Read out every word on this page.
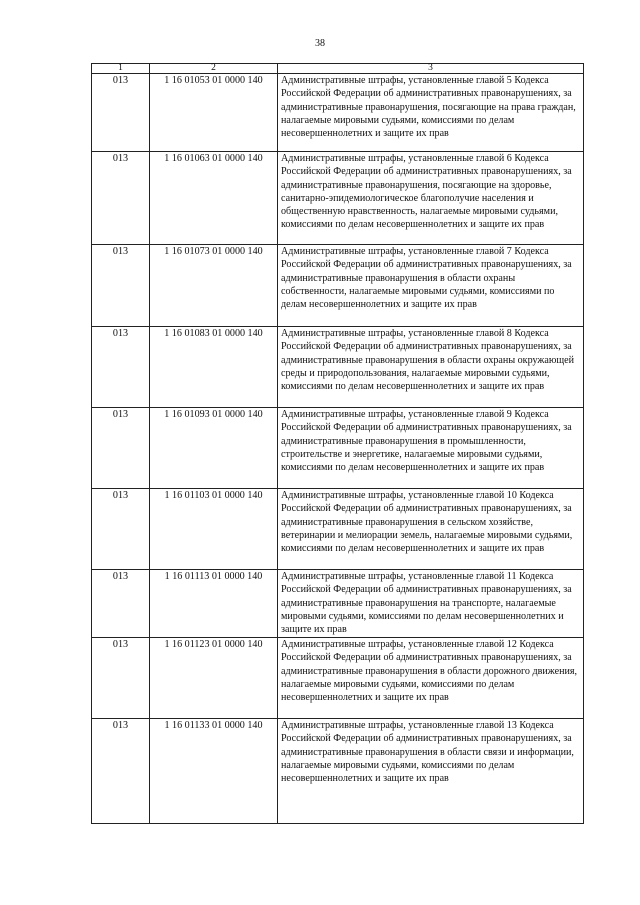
38
1	2	3
013	1 16 01053 01 0000 140	Административные штрафы, установленные главой 5 Кодекса Российской Федерации об административных правонарушениях, за административные правонарушения, посягающие на права граждан, налагаемые мировыми судьями, комиссиями по делам несовершеннолетних и защите их прав
013	1 16 01063 01 0000 140	Административные штрафы, установленные главой 6 Кодекса Российской Федерации об административных правонарушениях, за административные правонарушения, посягающие на здоровье, санитарно-эпидемиологическое благополучие населения и общественную нравственность, налагаемые мировыми судьями, комиссиями по делам несовершеннолетних и защите их прав
013	1 16 01073 01 0000 140	Административные штрафы, установленные главой 7 Кодекса Российской Федерации об административных правонарушениях, за административные правонарушения в области охраны собственности, налагаемые мировыми судьями, комиссиями по делам несовершеннолетних и защите их прав
013	1 16 01083 01 0000 140	Административные штрафы, установленные главой 8 Кодекса Российской Федерации об административных правонарушениях, за административные правонарушения в области охраны окружающей среды и природопользования, налагаемые мировыми судьями, комиссиями по делам несовершеннолетних и защите их прав
013	1 16 01093 01 0000 140	Административные штрафы, установленные главой 9 Кодекса Российской Федерации об административных правонарушениях, за административные правонарушения в промышленности, строительстве и энергетике, налагаемые мировыми судьями, комиссиями по делам несовершеннолетних и защите их прав
013	1 16 01103 01 0000 140	Административные штрафы, установленные главой 10 Кодекса Российской Федерации об административных правонарушениях, за административные правонарушения в сельском хозяйстве, ветеринарии и мелиорации земель, налагаемые мировыми судьями, комиссиями по делам несовершеннолетних и защите их прав
013	1 16 01113 01 0000 140	Административные штрафы, установленные главой 11 Кодекса Российской Федерации об административных правонарушениях, за административные правонарушения на транспорте, налагаемые мировыми судьями, комиссиями по делам несовершеннолетних и защите их прав
013	1 16 01123 01 0000 140	Административные штрафы, установленные главой 12 Кодекса Российской Федерации об административных правонарушениях, за административные правонарушения в области дорожного движения, налагаемые мировыми судьями, комиссиями по делам несовершеннолетних и защите их прав
013	1 16 01133 01 0000 140	Административные штрафы, установленные главой 13 Кодекса Российской Федерации об административных правонарушениях, за административные правонарушения в области связи и информации, налагаемые мировыми судьями, комиссиями по делам несовершеннолетних и защите их прав
